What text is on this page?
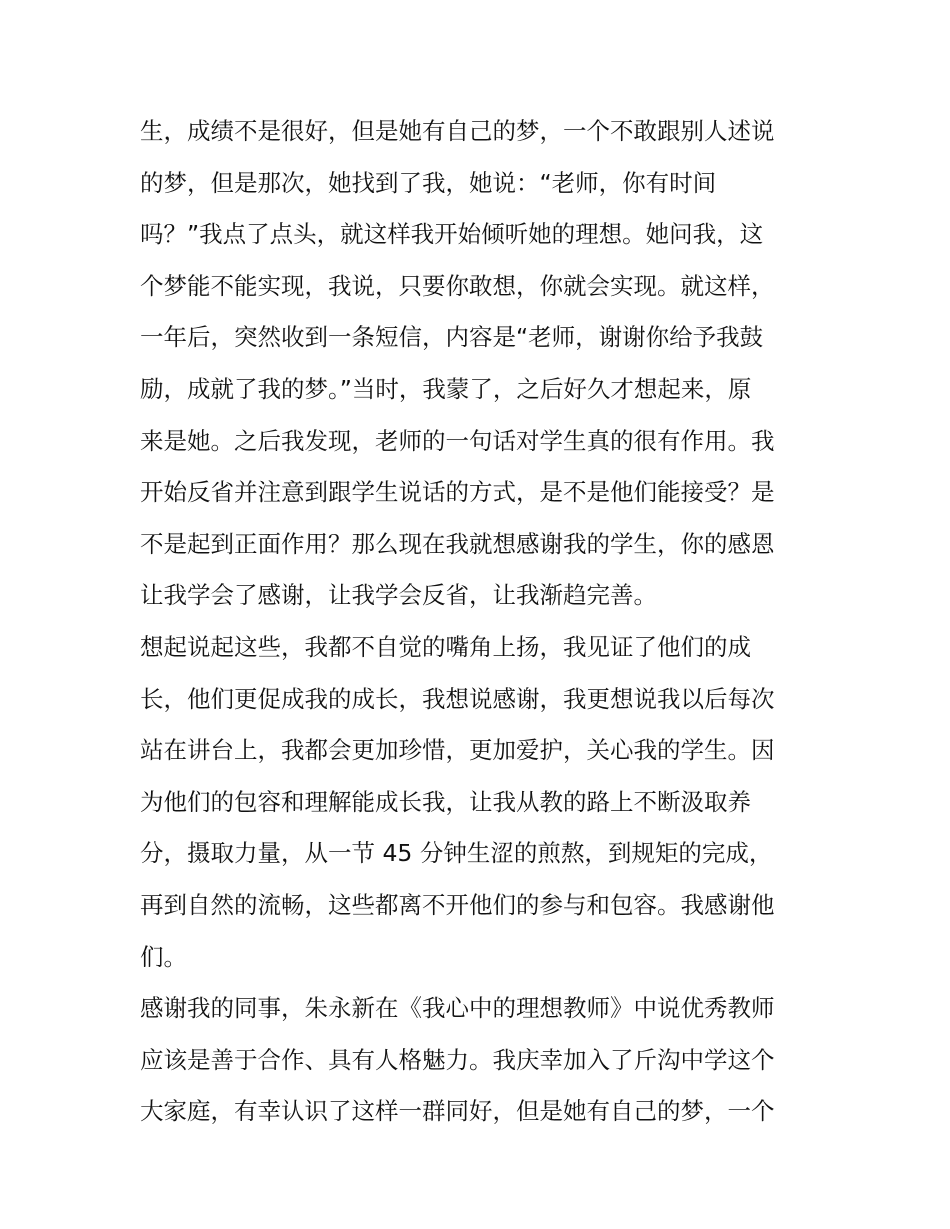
生，成绩不是很好，但是她有自己的梦，一个不敢跟别人述说
的梦，但是那次，她找到了我，她说：“老师，你有时间
吗？”我点了点头，就这样我开始倾听她的理想。她问我，这
个梦能不能实现，我说，只要你敢想，你就会实现。就这样，
一年后，突然收到一条短信，内容是“老师，谢谢你给予我鼓
励，成就了我的梦。”当时，我蒙了，之后好久才想起来，原
来是她。之后我发现，老师的一句话对学生真的很有作用。我
开始反省并注意到跟学生说话的方式，是不是他们能接受？是
不是起到正面作用？那么现在我就想感谢我的学生，你的感恩
让我学会了感谢，让我学会反省，让我渐趋完善。
想起说起这些，我都不自觉的嘴角上扬，我见证了他们的成
长，他们更促成我的成长，我想说感谢，我更想说我以后每次
站在讲台上，我都会更加珍惜，更加爱护，关心我的学生。因
为他们的包容和理解能成长我，让我从教的路上不断汲取养
分，摄取力量，从一节 45 分钟生涩的煎熬，到规矩的完成，
再到自然的流畅，这些都离不开他们的参与和包容。我感谢他
们。
感谢我的同事，朱永新在《我心中的理想教师》中说优秀教师
应该是善于合作、具有人格魅力。我庆幸加入了斤沟中学这个
大家庭，有幸认识了这样一群同好，但是她有自己的梦，一个
